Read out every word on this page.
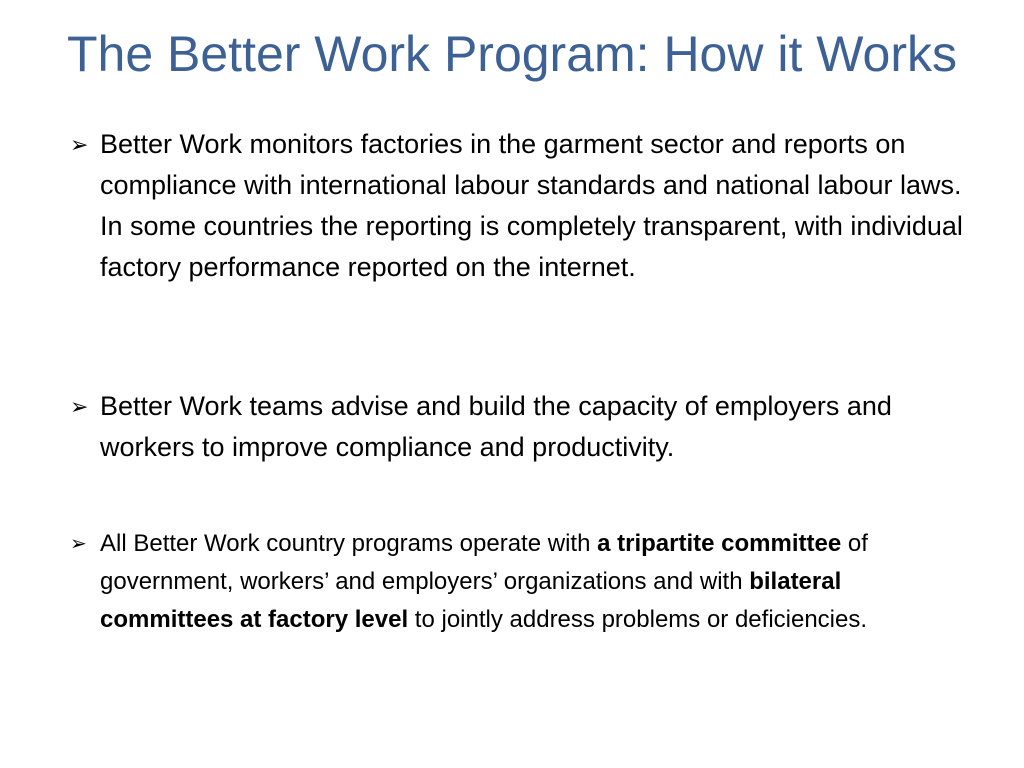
The Better Work Program: How it Works
➢ Better Work monitors factories in the garment sector and reports on compliance with international labour standards and national labour laws. In some countries the reporting is completely transparent, with individual factory performance reported on the internet.
➢ Better Work teams advise and build the capacity of employers and workers to improve compliance and productivity.
➢ All Better Work country programs operate with a tripartite committee of government, workers’ and employers’ organizations and with bilateral committees at factory level to jointly address problems or deficiencies.
